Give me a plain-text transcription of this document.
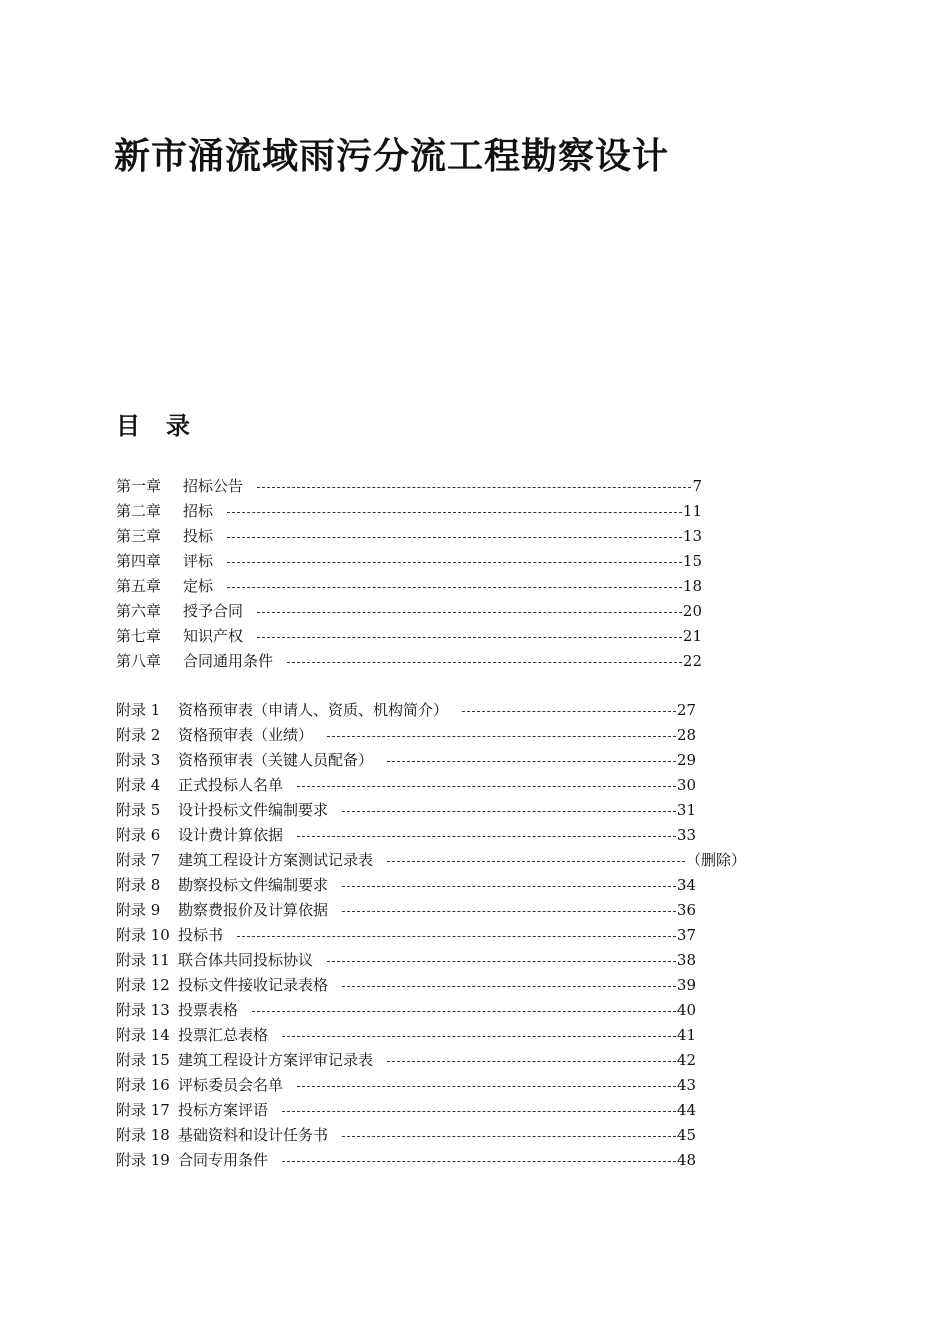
新市涌流域雨污分流工程勘察设计
目 录
第一章	招标公告	7
第二章	招标	11
第三章	投标	13
第四章	评标	15
第五章	定标	18
第六章	授予合同	20
第七章	知识产权	21
第八章	合同通用条件	22
附录 1	资格预审表（申请人、资质、机构简介）	27
附录 2	资格预审表（业绩）	28
附录 3	资格预审表（关键人员配备）	29
附录 4	正式投标人名单	30
附录 5	设计投标文件编制要求	31
附录 6	设计费计算依据	33
附录 7	建筑工程设计方案测试记录表	（删除）
附录 8	勘察投标文件编制要求	34
附录 9	勘察费报价及计算依据	36
附录 10 投标书	37
附录 11 联合体共同投标协议	38
附录 12 投标文件接收记录表格	39
附录 13 投票表格	40
附录 14 投票汇总表格	41
附录 15 建筑工程设计方案评审记录表	42
附录 16 评标委员会名单	43
附录 17 投标方案评语	44
附录 18 基础资料和设计任务书	45
附录 19 合同专用条件	48
